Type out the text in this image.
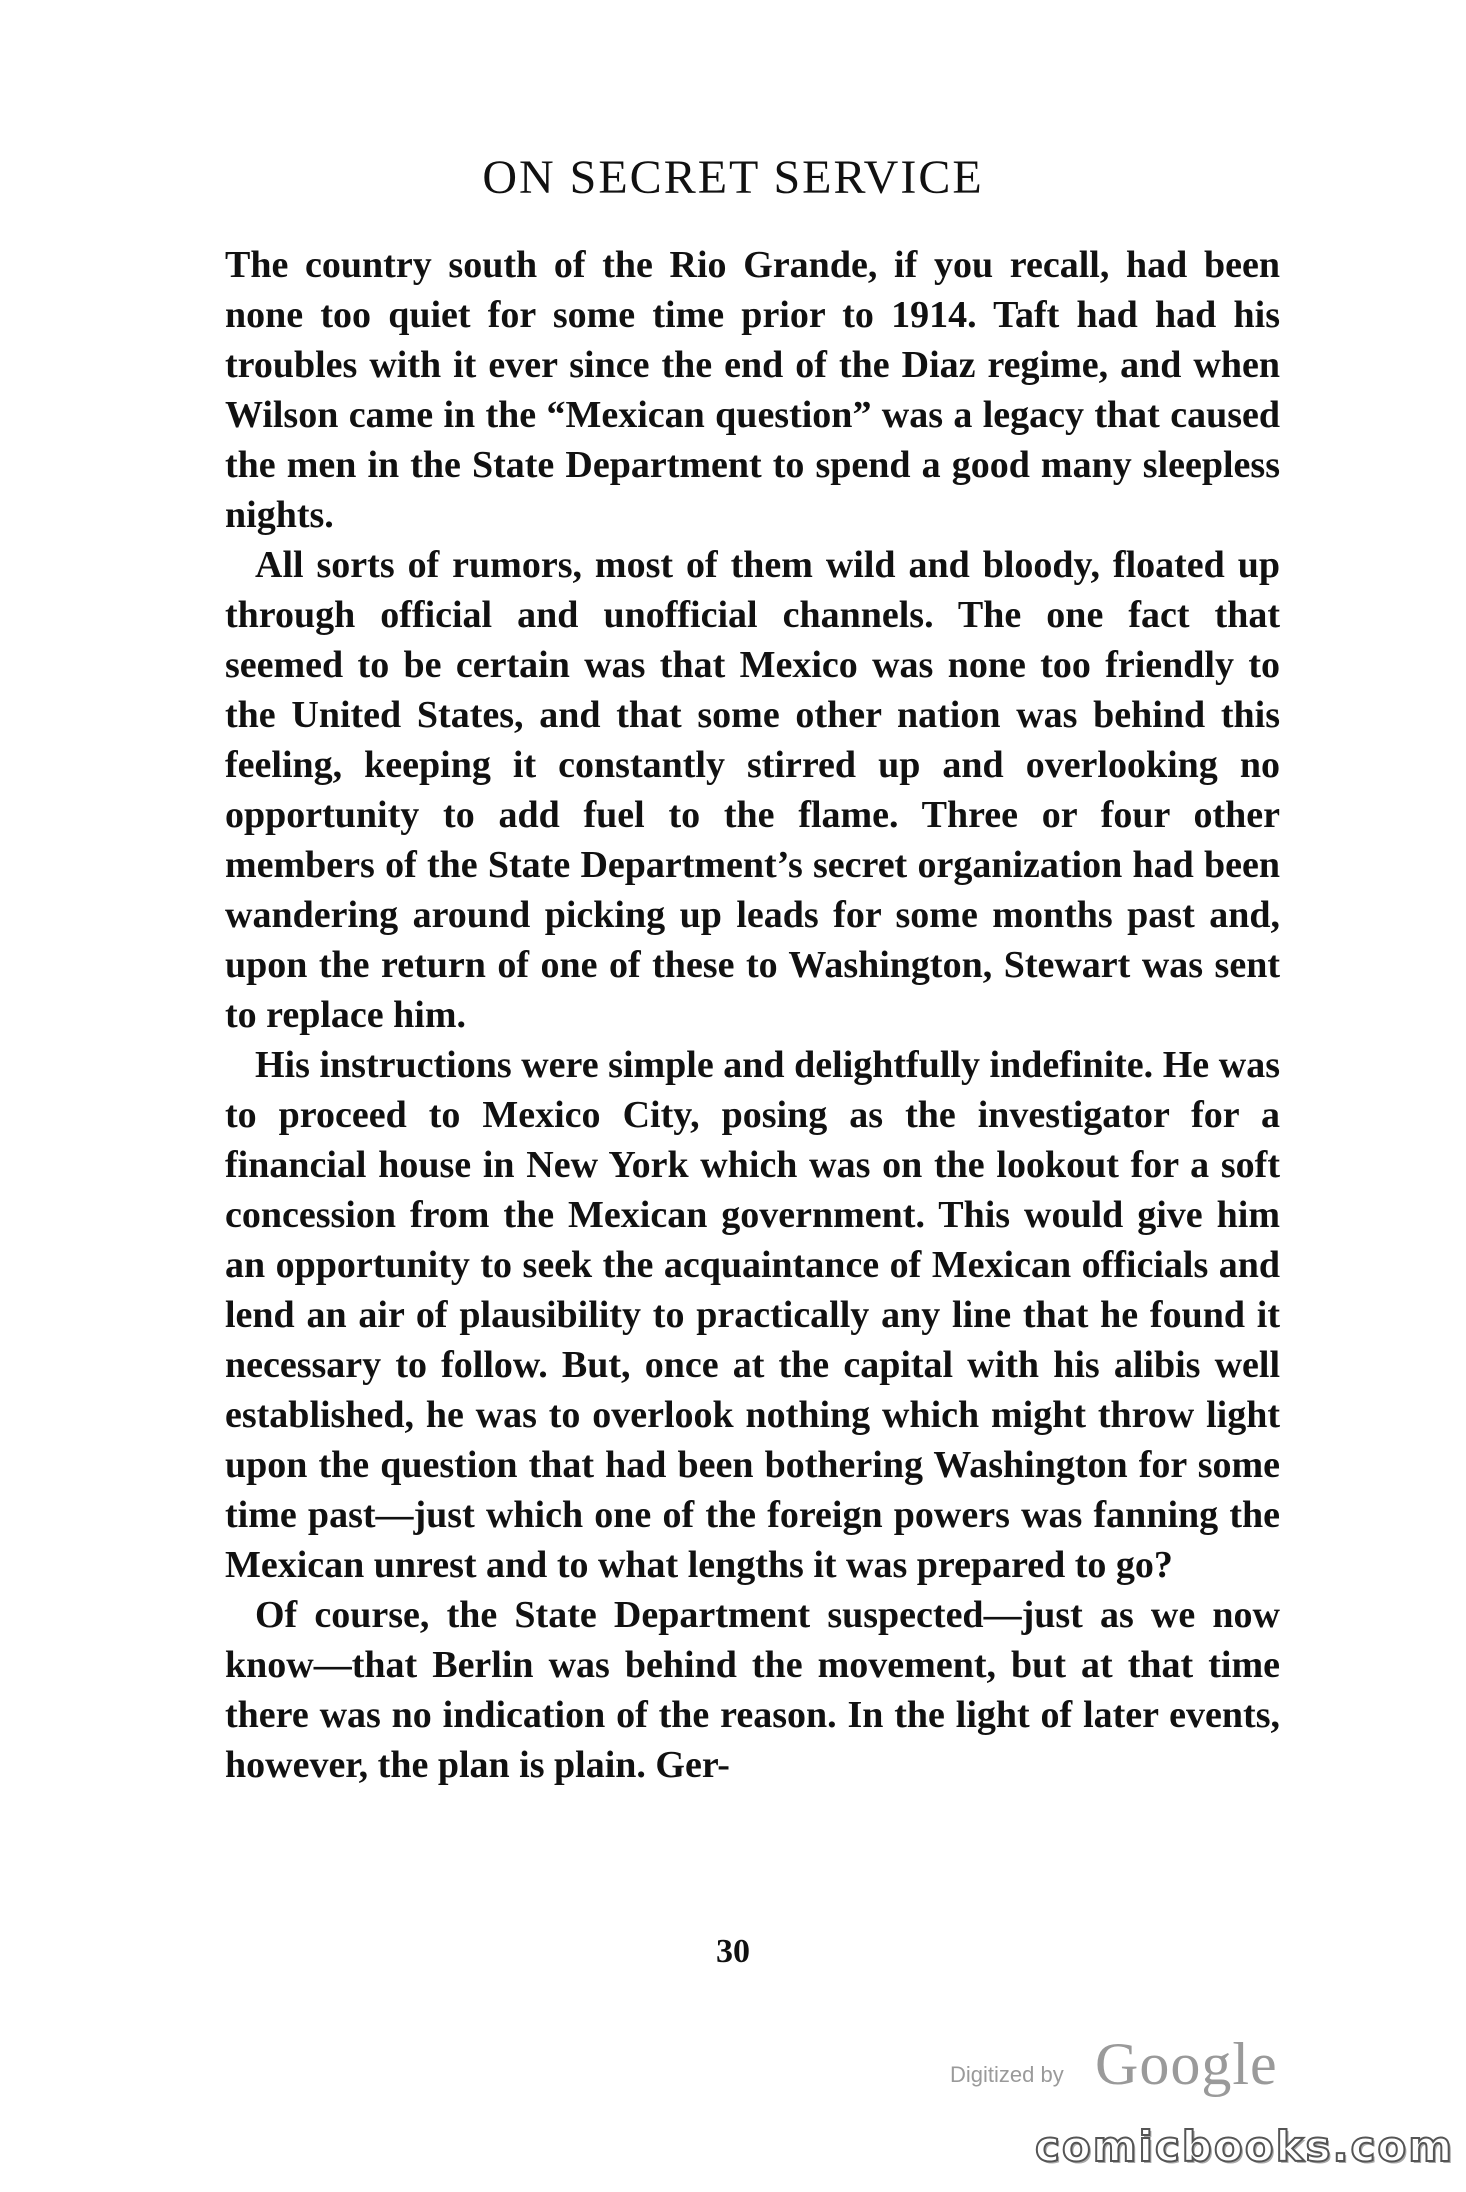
ON SECRET SERVICE

The country south of the Rio Grande, if you recall, had been none too quiet for some time prior to 1914. Taft had had his troubles with it ever since the end of the Diaz regime, and when Wilson came in the “Mexican question” was a legacy that caused the men in the State Department to spend a good many sleepless nights.

All sorts of rumors, most of them wild and bloody, floated up through official and unofficial channels. The one fact that seemed to be certain was that Mexico was none too friendly to the United States, and that some other nation was behind this feeling, keeping it constantly stirred up and overlooking no opportunity to add fuel to the flame. Three or four other members of the State Department’s secret organization had been wandering around picking up leads for some months past and, upon the return of one of these to Washington, Stewart was sent to replace him.

His instructions were simple and delightfully indefinite. He was to proceed to Mexico City, posing as the investigator for a financial house in New York which was on the lookout for a soft concession from the Mexican government. This would give him an opportunity to seek the acquaintance of Mexican officials and lend an air of plausibility to practically any line that he found it necessary to follow. But, once at the capital with his alibis well established, he was to overlook nothing which might throw light upon the question that had been bothering Washington for some time past—just which one of the foreign powers was fanning the Mexican unrest and to what lengths it was prepared to go?

Of course, the State Department suspected—just as we now know—that Berlin was behind the movement, but at that time there was no indication of the reason. In the light of later events, however, the plan is plain. Ger-

30
Digitized by Google
comicbooks.com
